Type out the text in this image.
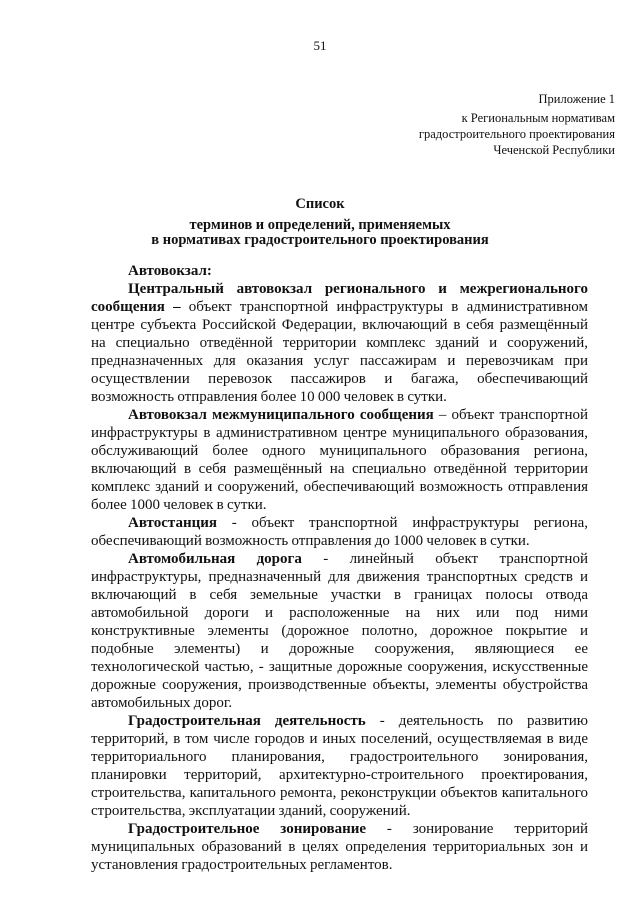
51
Приложение 1
к Региональным нормативам
градостроительного проектирования
Чеченской Республики
Список
терминов и определений, применяемых
в нормативах градостроительного проектирования

Автовокзал:

Центральный автовокзал регионального и межрегионального сообщения – объект транспортной инфраструктуры в административном центре субъекта Российской Федерации, включающий в себя размещённый на специально отведённой территории комплекс зданий и сооружений, предназначенных для оказания услуг пассажирам и перевозчикам при осуществлении перевозок пассажиров и багажа, обеспечивающий возможность отправления более 10 000 человек в сутки.

Автовокзал межмуниципального сообщения – объект транспортной инфраструктуры в административном центре муниципального образования, обслуживающий более одного муниципального образования региона, включающий в себя размещённый на специально отведённой территории комплекс зданий и сооружений, обеспечивающий возможность отправления более 1000 человек в сутки.

Автостанция - объект транспортной инфраструктуры региона, обеспечивающий возможность отправления до 1000 человек в сутки.

Автомобильная дорога - линейный объект транспортной инфраструктуры, предназначенный для движения транспортных средств и включающий в себя земельные участки в границах полосы отвода автомобильной дороги и расположенные на них или под ними конструктивные элементы (дорожное полотно, дорожное покрытие и подобные элементы) и дорожные сооружения, являющиеся ее технологической частью, - защитные дорожные сооружения, искусственные дорожные сооружения, производственные объекты, элементы обустройства автомобильных дорог.

Градостроительная деятельность - деятельность по развитию территорий, в том числе городов и иных поселений, осуществляемая в виде территориального планирования, градостроительного зонирования, планировки территорий, архитектурно-строительного проектирования, строительства, капитального ремонта, реконструкции объектов капитального строительства, эксплуатации зданий, сооружений.

Градостроительное зонирование - зонирование территорий муниципальных образований в целях определения территориальных зон и установления градостроительных регламентов.
